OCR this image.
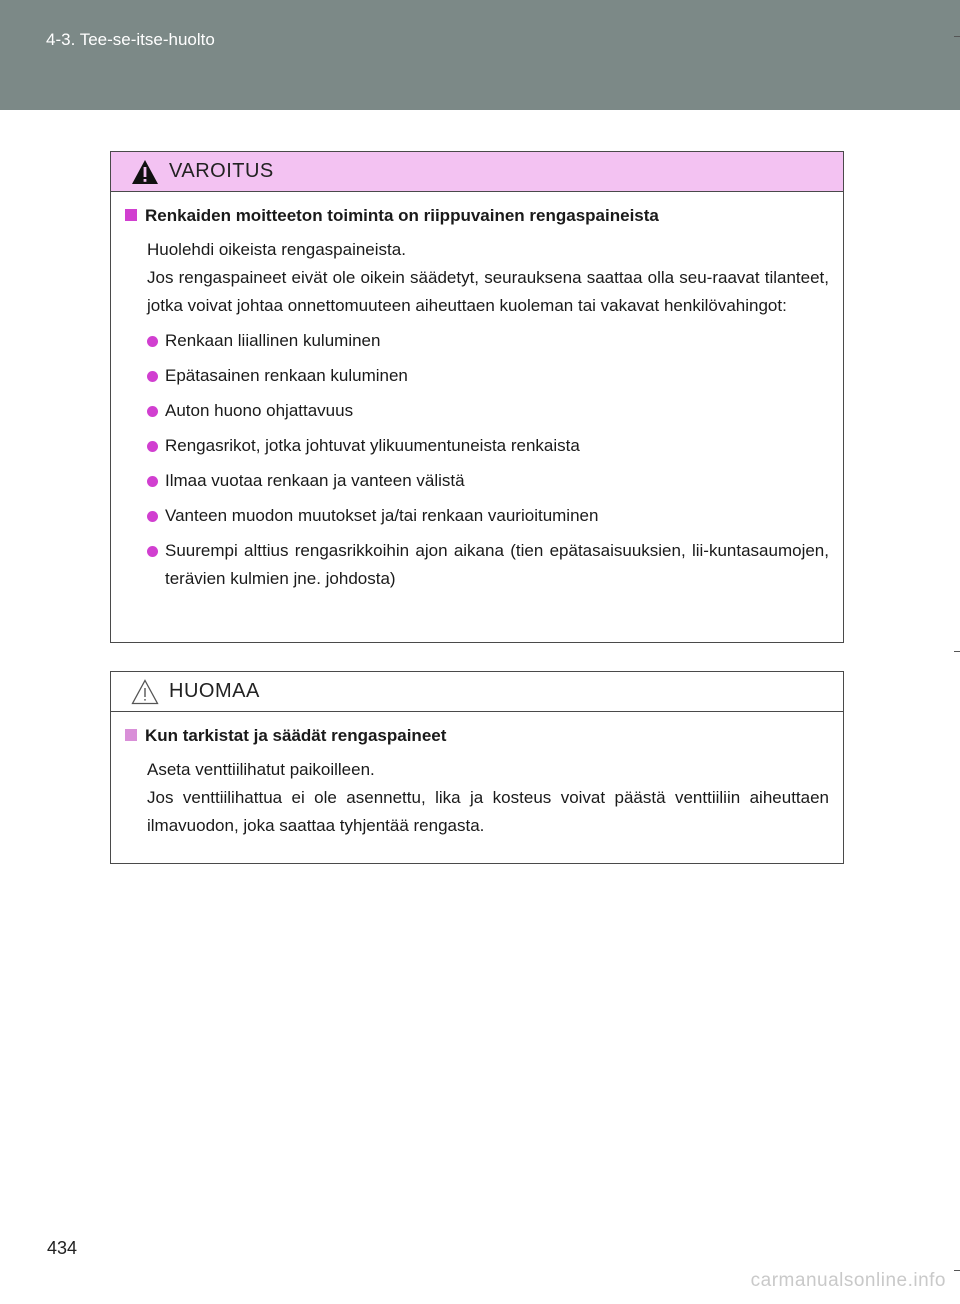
4-3. Tee-se-itse-huolto
VAROITUS
Renkaiden moitteeton toiminta on riippuvainen rengaspaineista
Huolehdi oikeista rengaspaineista.
Jos rengaspaineet eivät ole oikein säädetyt, seurauksena saattaa olla seu-raavat tilanteet, jotka voivat johtaa onnettomuuteen aiheuttaen kuoleman tai vakavat henkilövahingot:
Renkaan liiallinen kuluminen
Epätasainen renkaan kuluminen
Auton huono ohjattavuus
Rengasrikot, jotka johtuvat ylikuumentuneista renkaista
Ilmaa vuotaa renkaan ja vanteen välistä
Vanteen muodon muutokset ja/tai renkaan vaurioituminen
Suurempi alttius rengasrikkoihin ajon aikana (tien epätasaisuuksien, lii-kuntasaumojen, terävien kulmien jne. johdosta)
HUOMAA
Kun tarkistat ja säädät rengaspaineet
Aseta venttiilihatut paikoilleen.
Jos venttiilihattua ei ole asennettu, lika ja kosteus voivat päästä venttiiliin aiheuttaen ilmavuodon, joka saattaa tyhjentää rengasta.
434
carmanualsonline.info
